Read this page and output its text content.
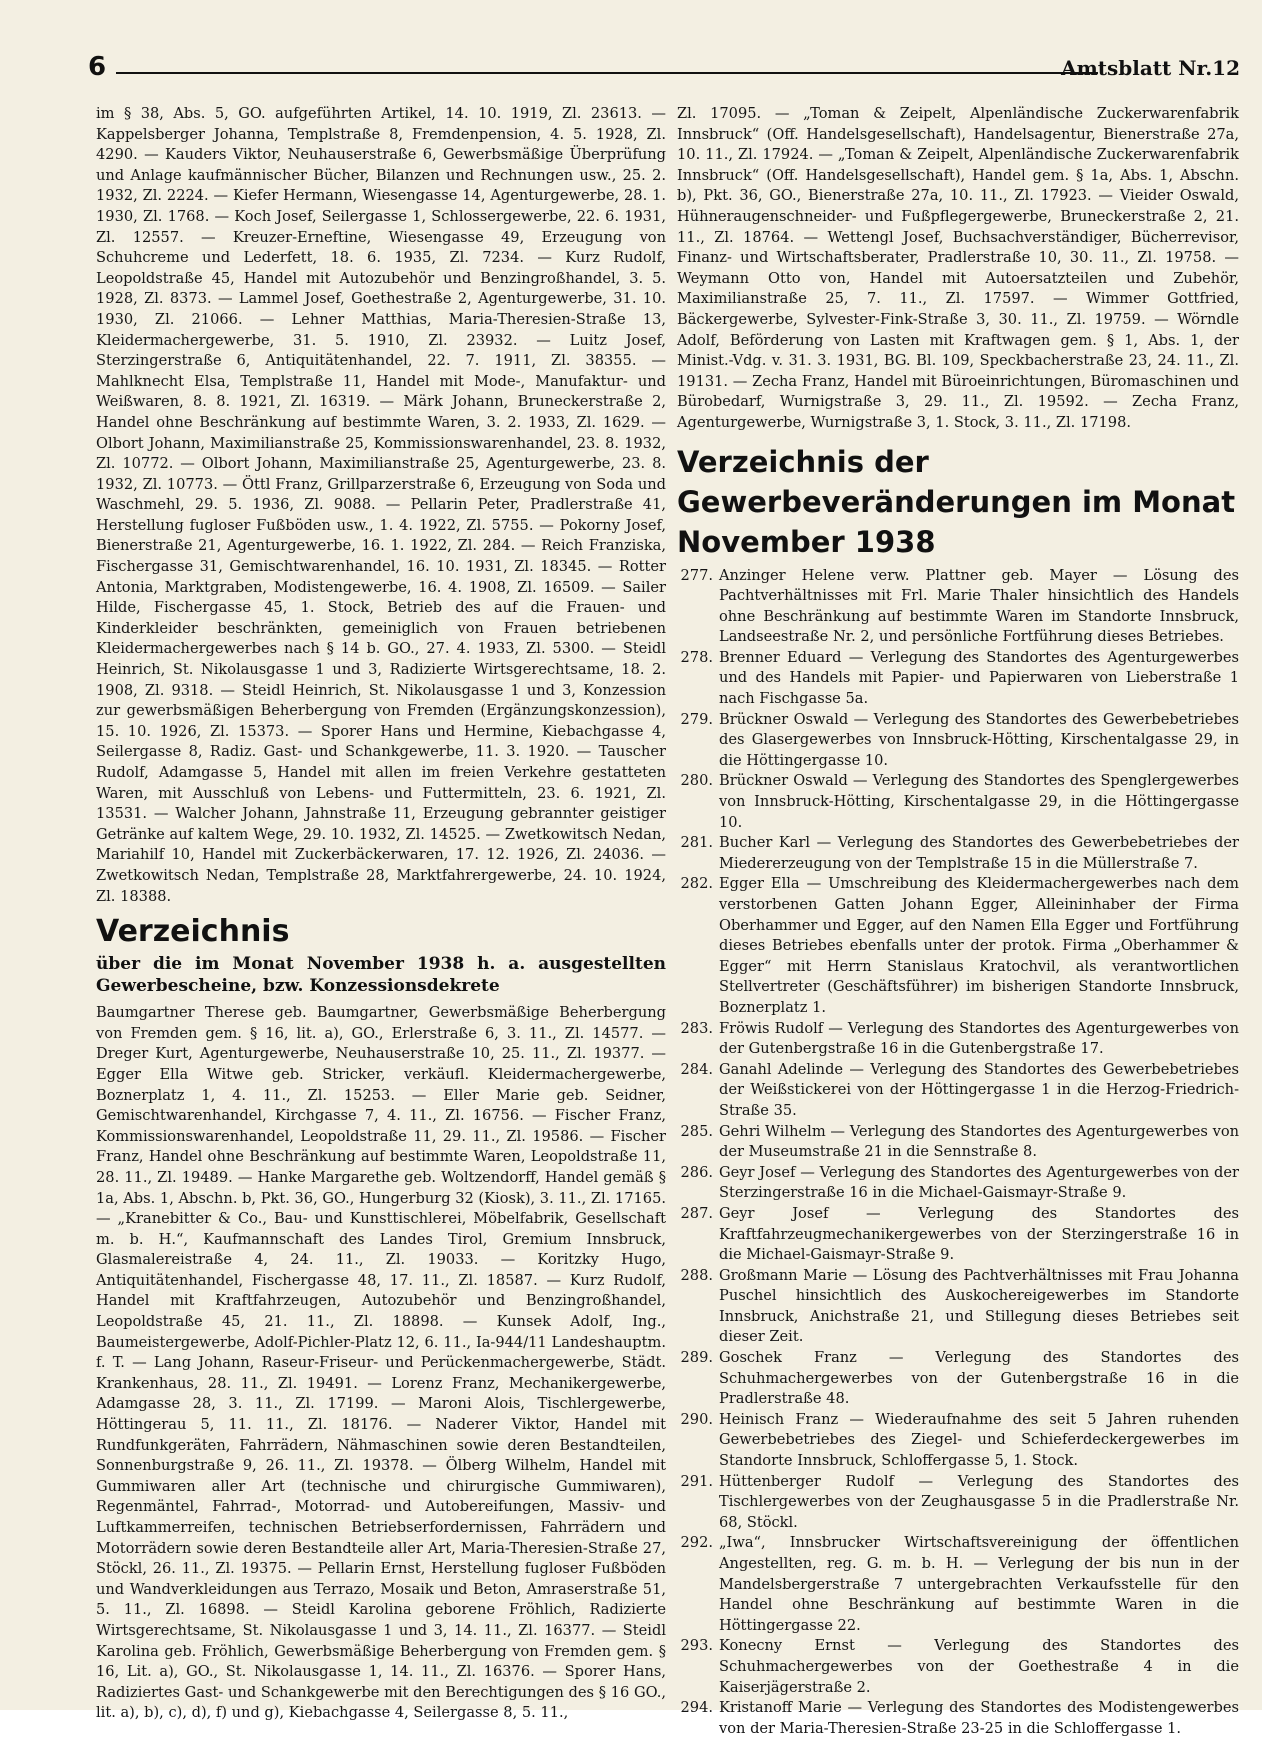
6	Amtsblatt Nr.12

im § 38, Abs. 5, GO. aufgeführten Artikel, 14. 10. 1919, Zl. 23613. — Kappelsberger Johanna, Templstraße 8, Fremdenpension, 4. 5. 1928, Zl. 4290. — Kauders Viktor, Neuhauserstraße 6, Gewerbsmäßige Überprüfung und Anlage kaufmännischer Bücher, Bilanzen und Rechnungen usw., 25. 2. 1932, Zl. 2224. — Kiefer Hermann, Wiesengasse 14, Agenturgewerbe, 28. 1. 1930, Zl. 1768. — Koch Josef, Seilergasse 1, Schlossergewerbe, 22. 6. 1931, Zl. 12557. — Kreuzer-Erneftine, Wiesengasse 49, Erzeugung von Schuhcreme und Lederfett, 18. 6. 1935, Zl. 7234. — Kurz Rudolf, Leopoldstraße 45, Handel mit Autozubehör und Benzingroßhandel, 3. 5. 1928, Zl. 8373. — Lammel Josef, Goethestraße 2, Agenturgewerbe, 31. 10. 1930, Zl. 21066. — Lehner Matthias, Maria-Theresien-Straße 13, Kleidermachergewerbe, 31. 5. 1910, Zl. 23932. — Luitz Josef, Sterzingerstraße 6, Antiquitätenhandel, 22. 7. 1911, Zl. 38355. — Mahlknecht Elsa, Templstraße 11, Handel mit Mode-, Manufaktur- und Weißwaren, 8. 8. 1921, Zl. 16319. — Märk Johann, Bruneckerstraße 2, Handel ohne Beschränkung auf bestimmte Waren, 3. 2. 1933, Zl. 1629. — Olbort Johann, Maximilianstraße 25, Kommissionswarenhandel, 23. 8. 1932, Zl. 10772. — Olbort Johann, Maximilianstraße 25, Agenturgewerbe, 23. 8. 1932, Zl. 10773. — Öttl Franz, Grillparzerstraße 6, Erzeugung von Soda und Waschmehl, 29. 5. 1936, Zl. 9088. — Pellarin Peter, Pradlerstraße 41, Herstellung fugloser Fußböden usw., 1. 4. 1922, Zl. 5755. — Pokorny Josef, Bienerstraße 21, Agenturgewerbe, 16. 1. 1922, Zl. 284. — Reich Franziska, Fischergasse 31, Gemischtwarenhandel, 16. 10. 1931, Zl. 18345. — Rotter Antonia, Marktgraben, Modistengewerbe, 16. 4. 1908, Zl. 16509. — Sailer Hilde, Fischergasse 45, 1. Stock, Betrieb des auf die Frauen- und Kinderkleider beschränkten, gemeiniglich von Frauen betriebenen Kleidermachergewerbes nach § 14 b. GO., 27. 4. 1933, Zl. 5300. — Steidl Heinrich, St. Nikolausgasse 1 und 3, Radizierte Wirtsgerechtsame, 18. 2. 1908, Zl. 9318. — Steidl Heinrich, St. Nikolausgasse 1 und 3, Konzession zur gewerbsmäßigen Beherbergung von Fremden (Ergänzungskonzession), 15. 10. 1926, Zl. 15373. — Sporer Hans und Hermine, Kiebachgasse 4, Seilergasse 8, Radiz. Gast- und Schankgewerbe, 11. 3. 1920. — Tauscher Rudolf, Adamgasse 5, Handel mit allen im freien Verkehre gestatteten Waren, mit Ausschluß von Lebens- und Futtermitteln, 23. 6. 1921, Zl. 13531. — Walcher Johann, Jahnstraße 11, Erzeugung gebrannter geistiger Getränke auf kaltem Wege, 29. 10. 1932, Zl. 14525. — Zwetkowitsch Nedan, Mariahilf 10, Handel mit Zuckerbäckerwaren, 17. 12. 1926, Zl. 24036. — Zwetkowitsch Nedan, Templstraße 28, Marktfahrergewerbe, 24. 10. 1924, Zl. 18388.

Verzeichnis
über die im Monat November 1938 h. a. ausgestellten Gewerbescheine, bzw. Konzessionsdekrete

Baumgartner Therese geb. Baumgartner, Gewerbsmäßige Beherbergung von Fremden gem. § 16, lit. a), GO., Erlerstraße 6, 3. 11., Zl. 14577. — Dreger Kurt, Agenturgewerbe, Neuhauserstraße 10, 25. 11., Zl. 19377. — Egger Ella Witwe geb. Stricker, verkäufl. Kleidermachergewerbe, Boznerplatz 1, 4. 11., Zl. 15253. — Eller Marie geb. Seidner, Gemischtwarenhandel, Kirchgasse 7, 4. 11., Zl. 16756. — Fischer Franz, Kommissionswarenhandel, Leopoldstraße 11, 29. 11., Zl. 19586. — Fischer Franz, Handel ohne Beschränkung auf bestimmte Waren, Leopoldstraße 11, 28. 11., Zl. 19489. — Hanke Margarethe geb. Woltzendorff, Handel gemäß § 1a, Abs. 1, Abschn. b, Pkt. 36, GO., Hungerburg 32 (Kiosk), 3. 11., Zl. 17165. — „Kranebitter & Co., Bau- und Kunsttischlerei, Möbelfabrik, Gesellschaft m. b. H.“, Kaufmannschaft des Landes Tirol, Gremium Innsbruck, Glasmalereistraße 4, 24. 11., Zl. 19033. — Koritzky Hugo, Antiquitätenhandel, Fischergasse 48, 17. 11., Zl. 18587. — Kurz Rudolf, Handel mit Kraftfahrzeugen, Autozubehör und Benzingroßhandel, Leopoldstraße 45, 21. 11., Zl. 18898. — Kunsek Adolf, Ing., Baumeistergewerbe, Adolf-Pichler-Platz 12, 6. 11., Ia-944/11 Landeshauptm. f. T. — Lang Johann, Raseur-Friseur- und Perückenmachergewerbe, Städt. Krankenhaus, 28. 11., Zl. 19491. — Lorenz Franz, Mechanikergewerbe, Adamgasse 28, 3. 11., Zl. 17199. — Maroni Alois, Tischlergewerbe, Höttingerau 5, 11. 11., Zl. 18176. — Naderer Viktor, Handel mit Rundfunkgeräten, Fahrrädern, Nähmaschinen sowie deren Bestandteilen, Sonnenburgstraße 9, 26. 11., Zl. 19378. — Ölberg Wilhelm, Handel mit Gummiwaren aller Art (technische und chirurgische Gummiwaren), Regenmäntel, Fahrrad-, Motorrad- und Autobereifungen, Massiv- und Luftkammerreifen, technischen Betriebserfordernissen, Fahrrädern und Motorrädern sowie deren Bestandteile aller Art, Maria-Theresien-Straße 27, Stöckl, 26. 11., Zl. 19375. — Pellarin Ernst, Herstellung fugloser Fußböden und Wandverkleidungen aus Terrazo, Mosaik und Beton, Amraserstraße 51, 5. 11., Zl. 16898. — Steidl Karolina geborene Fröhlich, Radizierte Wirtsgerechtsame, St. Nikolausgasse 1 und 3, 14. 11., Zl. 16377. — Steidl Karolina geb. Fröhlich, Gewerbsmäßige Beherbergung von Fremden gem. § 16, Lit. a), GO., St. Nikolausgasse 1, 14. 11., Zl. 16376. — Sporer Hans, Radiziertes Gast- und Schankgewerbe mit den Berechtigungen des § 16 GO., lit. a), b), c), d), f) und g), Kiebachgasse 4, Seilergasse 8, 5. 11.,

Zl. 17095. — „Toman & Zeipelt, Alpenländische Zuckerwarenfabrik Innsbruck“ (Off. Handelsgesellschaft), Handelsagentur, Bienerstraße 27a, 10. 11., Zl. 17924. — „Toman & Zeipelt, Alpenländische Zuckerwarenfabrik Innsbruck“ (Off. Handelsgesellschaft), Handel gem. § 1a, Abs. 1, Abschn. b), Pkt. 36, GO., Bienerstraße 27a, 10. 11., Zl. 17923. — Vieider Oswald, Hühneraugenschneider- und Fußpflegergewerbe, Bruneckerstraße 2, 21. 11., Zl. 18764. — Wettengl Josef, Buchsachverständiger, Bücherrevisor, Finanz- und Wirtschaftsberater, Pradlerstraße 10, 30. 11., Zl. 19758. — Weymann Otto von, Handel mit Autoersatzteilen und Zubehör, Maximilianstraße 25, 7. 11., Zl. 17597. — Wimmer Gottfried, Bäckergewerbe, Sylvester-Fink-Straße 3, 30. 11., Zl. 19759. — Wörndle Adolf, Beförderung von Lasten mit Kraftwagen gem. § 1, Abs. 1, der Minist.-Vdg. v. 31. 3. 1931, BG. Bl. 109, Speckbacherstraße 23, 24. 11., Zl. 19131. — Zecha Franz, Handel mit Büroeinrichtungen, Büromaschinen und Bürobedarf, Wurnigstraße 3, 29. 11., Zl. 19592. — Zecha Franz, Agenturgewerbe, Wurnigstraße 3, 1. Stock, 3. 11., Zl. 17198.

Verzeichnis der Gewerbeveränderungen im Monat November 1938
277. Anzinger Helene verw. Plattner geb. Mayer — Lösung des Pachtverhältnisses mit Frl. Marie Thaler hinsichtlich des Handels ohne Beschränkung auf bestimmte Waren im Standorte Innsbruck, Landseestraße Nr. 2, und persönliche Fortführung dieses Betriebes.
278. Brenner Eduard — Verlegung des Standortes des Agenturgewerbes und des Handels mit Papier- und Papierwaren von Lieberstraße 1 nach Fischgasse 5a.
279. Brückner Oswald — Verlegung des Standortes des Gewerbebetriebes des Glasergewerbes von Innsbruck-Hötting, Kirschentalgasse 29, in die Höttingergasse 10.
280. Brückner Oswald — Verlegung des Standortes des Spenglergewerbes von Innsbruck-Hötting, Kirschentalgasse 29, in die Höttingergasse 10.
281. Bucher Karl — Verlegung des Standortes des Gewerbebetriebes der Miedererzeugung von der Templstraße 15 in die Müllerstraße 7.
282. Egger Ella — Umschreibung des Kleidermachergewerbes nach dem verstorbenen Gatten Johann Egger, Alleininhaber der Firma Oberhammer und Egger, auf den Namen Ella Egger und Fortführung dieses Betriebes ebenfalls unter der protok. Firma „Oberhammer & Egger“ mit Herrn Stanislaus Kratochvil, als verantwortlichen Stellvertreter (Geschäftsführer) im bisherigen Standorte Innsbruck, Boznerplatz 1.
283. Fröwis Rudolf — Verlegung des Standortes des Agenturgewerbes von der Gutenbergstraße 16 in die Gutenbergstraße 17.
284. Ganahl Adelinde — Verlegung des Standortes des Gewerbebetriebes der Weißstickerei von der Höttingergasse 1 in die Herzog-Friedrich-Straße 35.
285. Gehri Wilhelm — Verlegung des Standortes des Agenturgewerbes von der Museumstraße 21 in die Sennstraße 8.
286. Geyr Josef — Verlegung des Standortes des Agenturgewerbes von der Sterzingerstraße 16 in die Michael-Gaismayr-Straße 9.
287. Geyr Josef — Verlegung des Standortes des Kraftfahrzeugmechanikergewerbes von der Sterzingerstraße 16 in die Michael-Gaismayr-Straße 9.
288. Großmann Marie — Lösung des Pachtverhältnisses mit Frau Johanna Puschel hinsichtlich des Auskochereigewerbes im Standorte Innsbruck, Anichstraße 21, und Stillegung dieses Betriebes seit dieser Zeit.
289. Goschek Franz — Verlegung des Standortes des Schuhmachergewerbes von der Gutenbergstraße 16 in die Pradlerstraße 48.
290. Heinisch Franz — Wiederaufnahme des seit 5 Jahren ruhenden Gewerbebetriebes des Ziegel- und Schieferdeckergewerbes im Standorte Innsbruck, Schloffergasse 5, 1. Stock.
291. Hüttenberger Rudolf — Verlegung des Standortes des Tischlergewerbes von der Zeughausgasse 5 in die Pradlerstraße Nr. 68, Stöckl.
292. „Iwa“, Innsbrucker Wirtschaftsvereinigung der öffentlichen Angestellten, reg. G. m. b. H. — Verlegung der bis nun in der Mandelsbergerstraße 7 untergebrachten Verkaufsstelle für den Handel ohne Beschränkung auf bestimmte Waren in die Höttingergasse 22.
293. Konecny Ernst — Verlegung des Standortes des Schuhmachergewerbes von der Goethestraße 4 in die Kaiserjägerstraße 2.
294. Kristanoff Marie — Verlegung des Standortes des Modistengewerbes von der Maria-Theresien-Straße 23-25 in die Schloffergasse 1.
